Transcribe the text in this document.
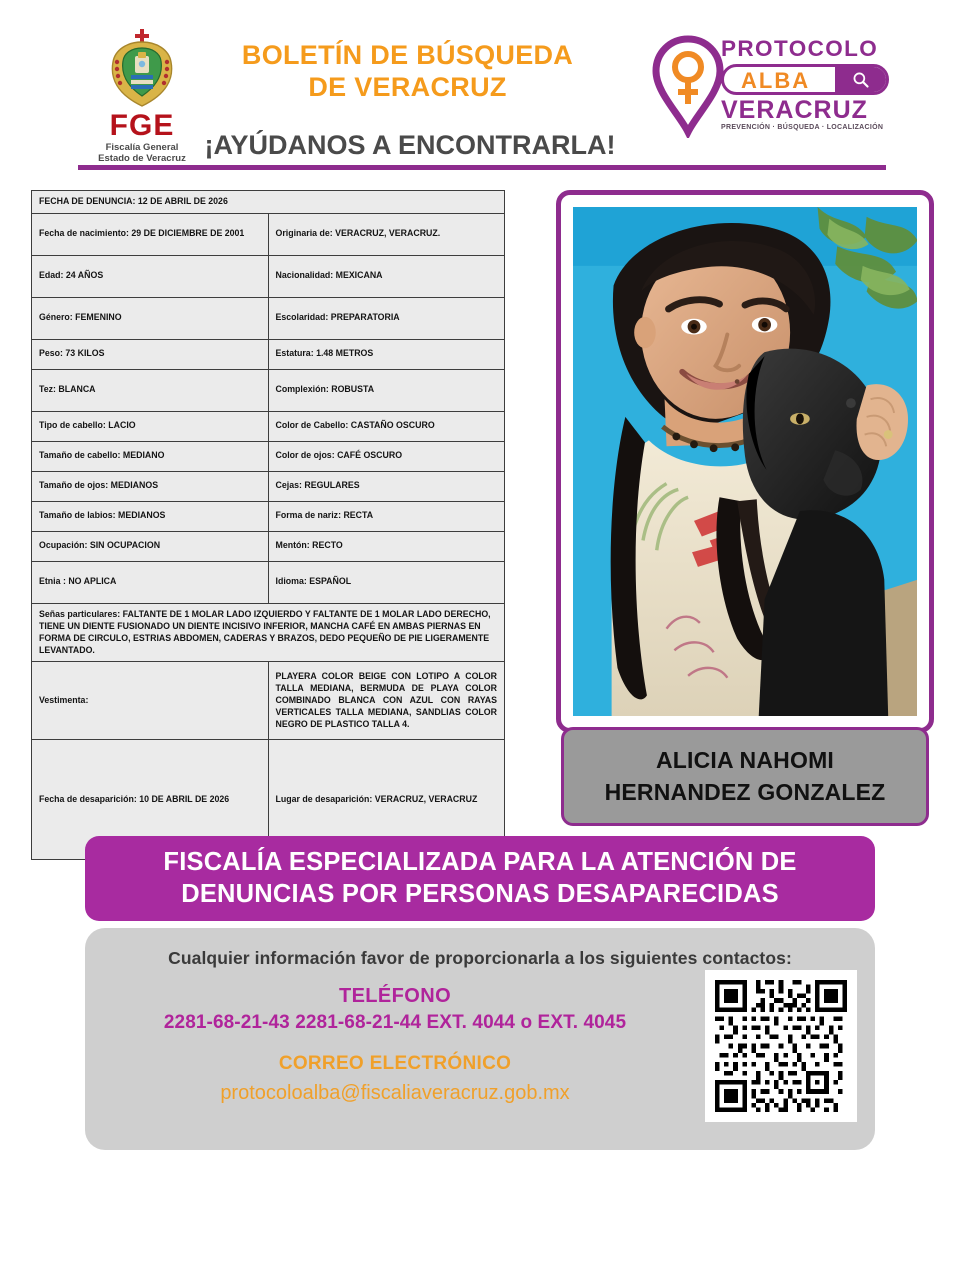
FGE
Fiscalía General
Estado de Veracruz
BOLETÍN DE BÚSQUEDA
DE VERACRUZ
¡AYÚDANOS A ENCONTRARLA!
PROTOCOLO
ALBA
VERACRUZ
PREVENCIÓN · BÚSQUEDA · LOCALIZACIÓN
FECHA DE DENUNCIA: 12 DE ABRIL DE 2026	
Fecha de nacimiento: 29 DE DICIEMBRE DE 2001	Originaria de: VERACRUZ, VERACRUZ.
Edad: 24 AÑOS	Nacionalidad: MEXICANA
Género: FEMENINO	Escolaridad: PREPARATORIA
Peso: 73 KILOS	Estatura: 1.48 METROS
Tez: BLANCA	Complexión: ROBUSTA
Tipo de cabello: LACIO	Color de Cabello: CASTAÑO OSCURO
Tamaño de cabello: MEDIANO	Color de ojos: CAFÉ OSCURO
Tamaño de ojos: MEDIANOS	Cejas: REGULARES
Tamaño de labios: MEDIANOS	Forma de nariz: RECTA
Ocupación: SIN OCUPACION	Mentón: RECTO
Etnia : NO APLICA	Idioma: ESPAÑOL
Señas particulares: FALTANTE DE 1 MOLAR LADO IZQUIERDO Y FALTANTE DE 1 MOLAR LADO DERECHO, TIENE UN DIENTE FUSIONADO UN DIENTE INCISIVO INFERIOR, MANCHA CAFÉ EN AMBAS PIERNAS EN FORMA DE CIRCULO, ESTRIAS ABDOMEN, CADERAS Y BRAZOS, DEDO PEQUEÑO DE PIE LIGERAMENTE LEVANTADO.	
Vestimenta:	PLAYERA COLOR BEIGE CON LOTIPO A COLOR TALLA MEDIANA, BERMUDA DE PLAYA COLOR COMBINADO BLANCA CON AZUL CON RAYAS VERTICALES TALLA MEDIANA, SANDLIAS COLOR NEGRO DE PLASTICO TALLA 4.
Fecha de desaparición: 10 DE ABRIL DE 2026	Lugar de desaparición: VERACRUZ, VERACRUZ
ALICIA NAHOMI
HERNANDEZ GONZALEZ
FISCALÍA ESPECIALIZADA PARA LA ATENCIÓN DE
DENUNCIAS POR PERSONAS DESAPARECIDAS
Cualquier información favor de proporcionarla a los siguientes contactos:
TELÉFONO
2281-68-21-43 2281-68-21-44 EXT. 4044 o EXT. 4045
CORREO ELECTRÓNICO
protocoloalba@fiscaliaveracruz.gob.mx
